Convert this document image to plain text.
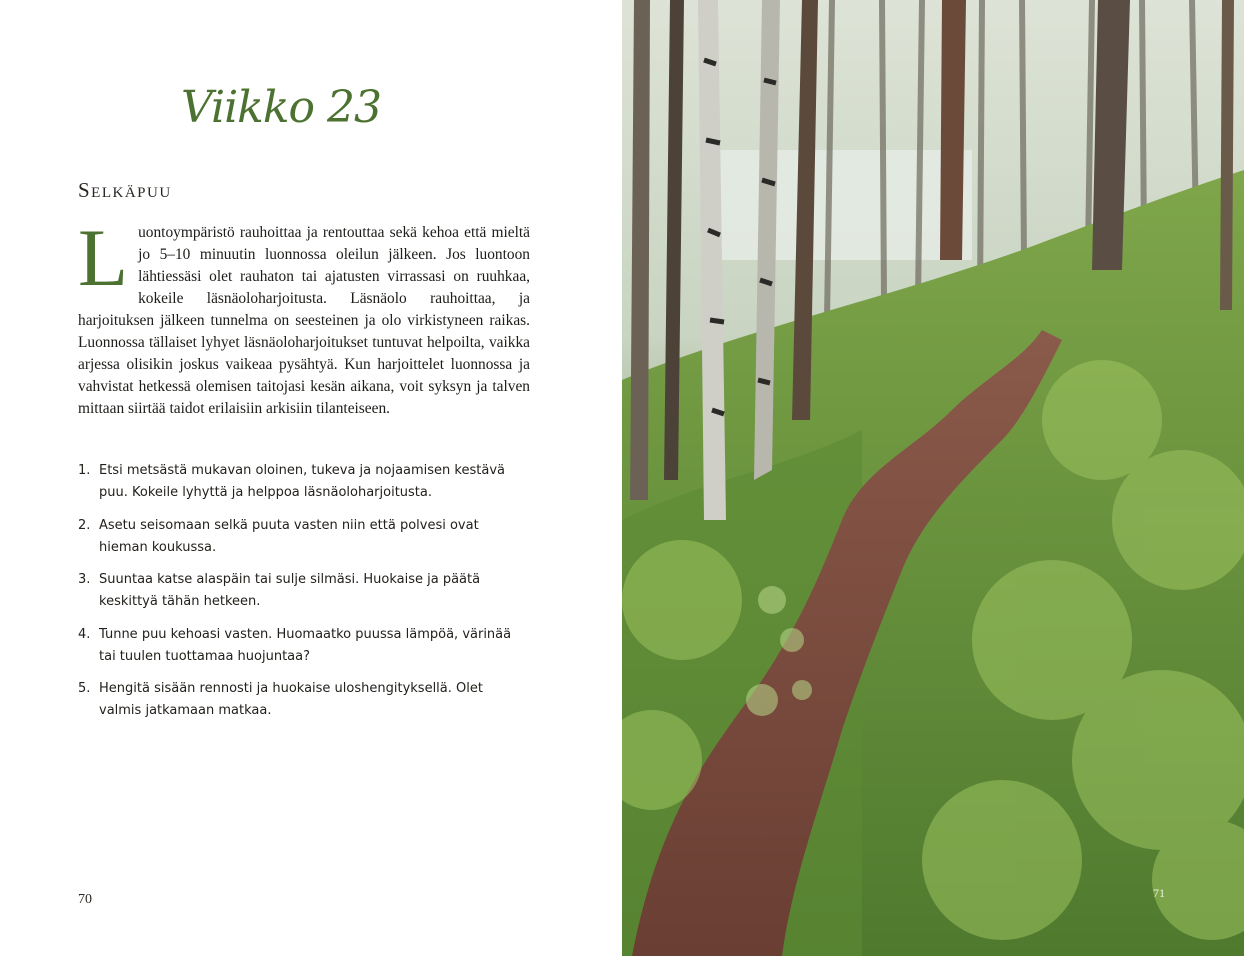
Viikko 23
Selkäpuu
Luontoympäristö rauhoittaa ja rentouttaa sekä kehoa että mieltä jo 5–10 minuutin luonnossa oleilun jälkeen. Jos luontoon lähtiessäsi olet rauhaton tai ajatusten virrassasi on ruuhkaa, kokeile läsnäoloharjoitusta. Läsnäolo rauhoittaa, ja harjoituksen jälkeen tunnelma on seesteinen ja olo virkistyneen raikas. Luonnossa tällaiset lyhyet läsnäoloharjoitukset tuntuvat helpoilta, vaikka arjessa olisikin joskus vaikeaa pysähtyä. Kun harjoittelet luonnossa ja vahvistat hetkessä olemisen taitojasi kesän aikana, voit syksyn ja talven mittaan siirtää taidot erilaisiin arkisiin tilanteiseen.
1. Etsi metsästä mukavan oloinen, tukeva ja nojaamisen kestävä puu. Kokeile lyhyttä ja helppoa läsnäoloharjoitusta.
2. Asetu seisomaan selkä puuta vasten niin että polvesi ovat hieman koukussa.
3. Suuntaa katse alaspäin tai sulje silmäsi. Huokaise ja päätä keskittyä tähän hetkeen.
4. Tunne puu kehoasi vasten. Huomaatko puussa lämpöä, värinää tai tuulen tuottamaa huojuntaa?
5. Hengitä sisään rennosti ja huokaise uloshengityksellä. Olet valmis jatkamaan matkaa.
70	71
